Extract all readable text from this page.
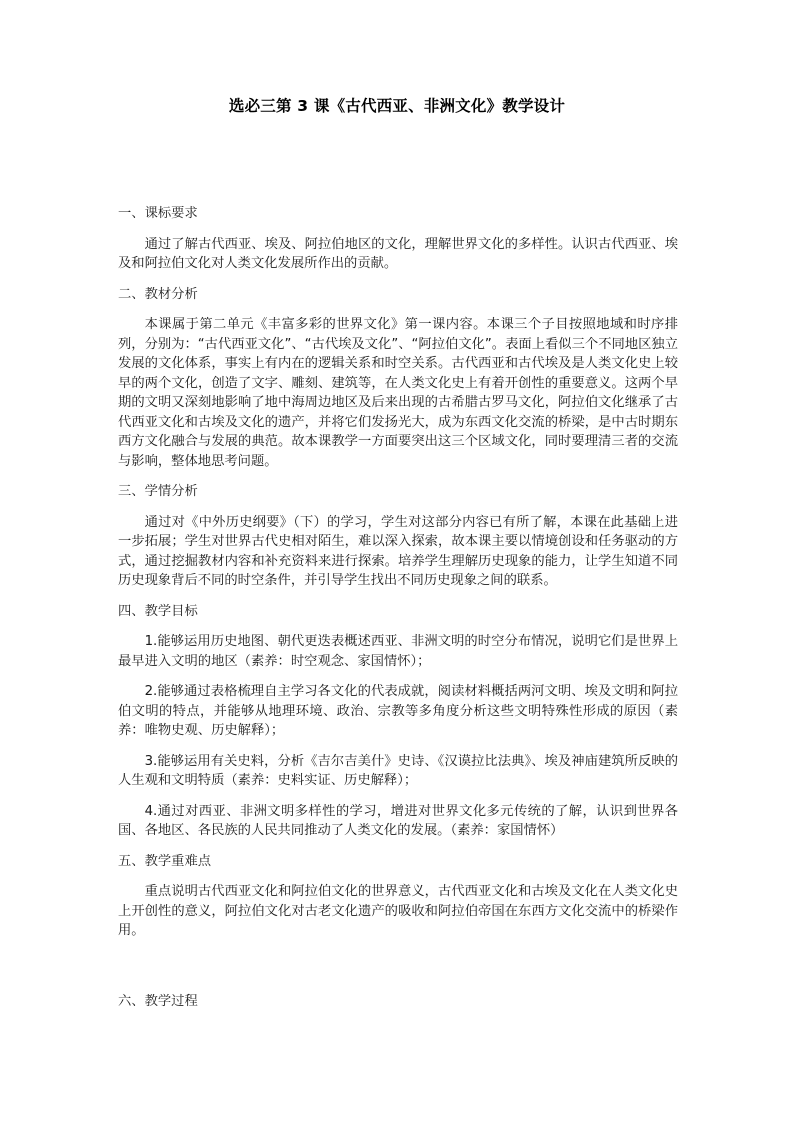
选必三第 3 课《古代西亚、非洲文化》教学设计
一、课标要求
通过了解古代西亚、埃及、阿拉伯地区的文化，理解世界文化的多样性。认识古代西亚、埃及和阿拉伯文化对人类文化发展所作出的贡献。
二、教材分析
本课属于第二单元《丰富多彩的世界文化》第一课内容。本课三个子目按照地域和时序排列，分别为：“古代西亚文化”、“古代埃及文化”、“阿拉伯文化”。表面上看似三个不同地区独立发展的文化体系，事实上有内在的逻辑关系和时空关系。古代西亚和古代埃及是人类文化史上较早的两个文化，创造了文字、雕刻、建筑等，在人类文化史上有着开创性的重要意义。这两个早期的文明又深刻地影响了地中海周边地区及后来出现的古希腊古罗马文化，阿拉伯文化继承了古代西亚文化和古埃及文化的遗产，并将它们发扬光大，成为东西文化交流的桥梁，是中古时期东西方文化融合与发展的典范。故本课教学一方面要突出这三个区域文化，同时要理清三者的交流与影响，整体地思考问题。
三、学情分析
通过对《中外历史纲要》（下）的学习，学生对这部分内容已有所了解，本课在此基础上进一步拓展；学生对世界古代史相对陌生，难以深入探索，故本课主要以情境创设和任务驱动的方式，通过挖掘教材内容和补充资料来进行探索。培养学生理解历史现象的能力，让学生知道不同历史现象背后不同的时空条件，并引导学生找出不同历史现象之间的联系。
四、教学目标
1.能够运用历史地图、朝代更迭表概述西亚、非洲文明的时空分布情况，说明它们是世界上最早进入文明的地区（素养：时空观念、家国情怀）；
2.能够通过表格梳理自主学习各文化的代表成就，阅读材料概括两河文明、埃及文明和阿拉伯文明的特点，并能够从地理环境、政治、宗教等多角度分析这些文明特殊性形成的原因（素养：唯物史观、历史解释）；
3.能够运用有关史料，分析《吉尔吉美什》史诗、《汉谟拉比法典》、埃及神庙建筑所反映的人生观和文明特质（素养：史料实证、历史解释）；
4.通过对西亚、非洲文明多样性的学习，增进对世界文化多元传统的了解，认识到世界各国、各地区、各民族的人民共同推动了人类文化的发展。（素养：家国情怀）
五、教学重难点
重点说明古代西亚文化和阿拉伯文化的世界意义，古代西亚文化和古埃及文化在人类文化史上开创性的意义，阿拉伯文化对古老文化遗产的吸收和阿拉伯帝国在东西方文化交流中的桥梁作用。
六、教学过程
